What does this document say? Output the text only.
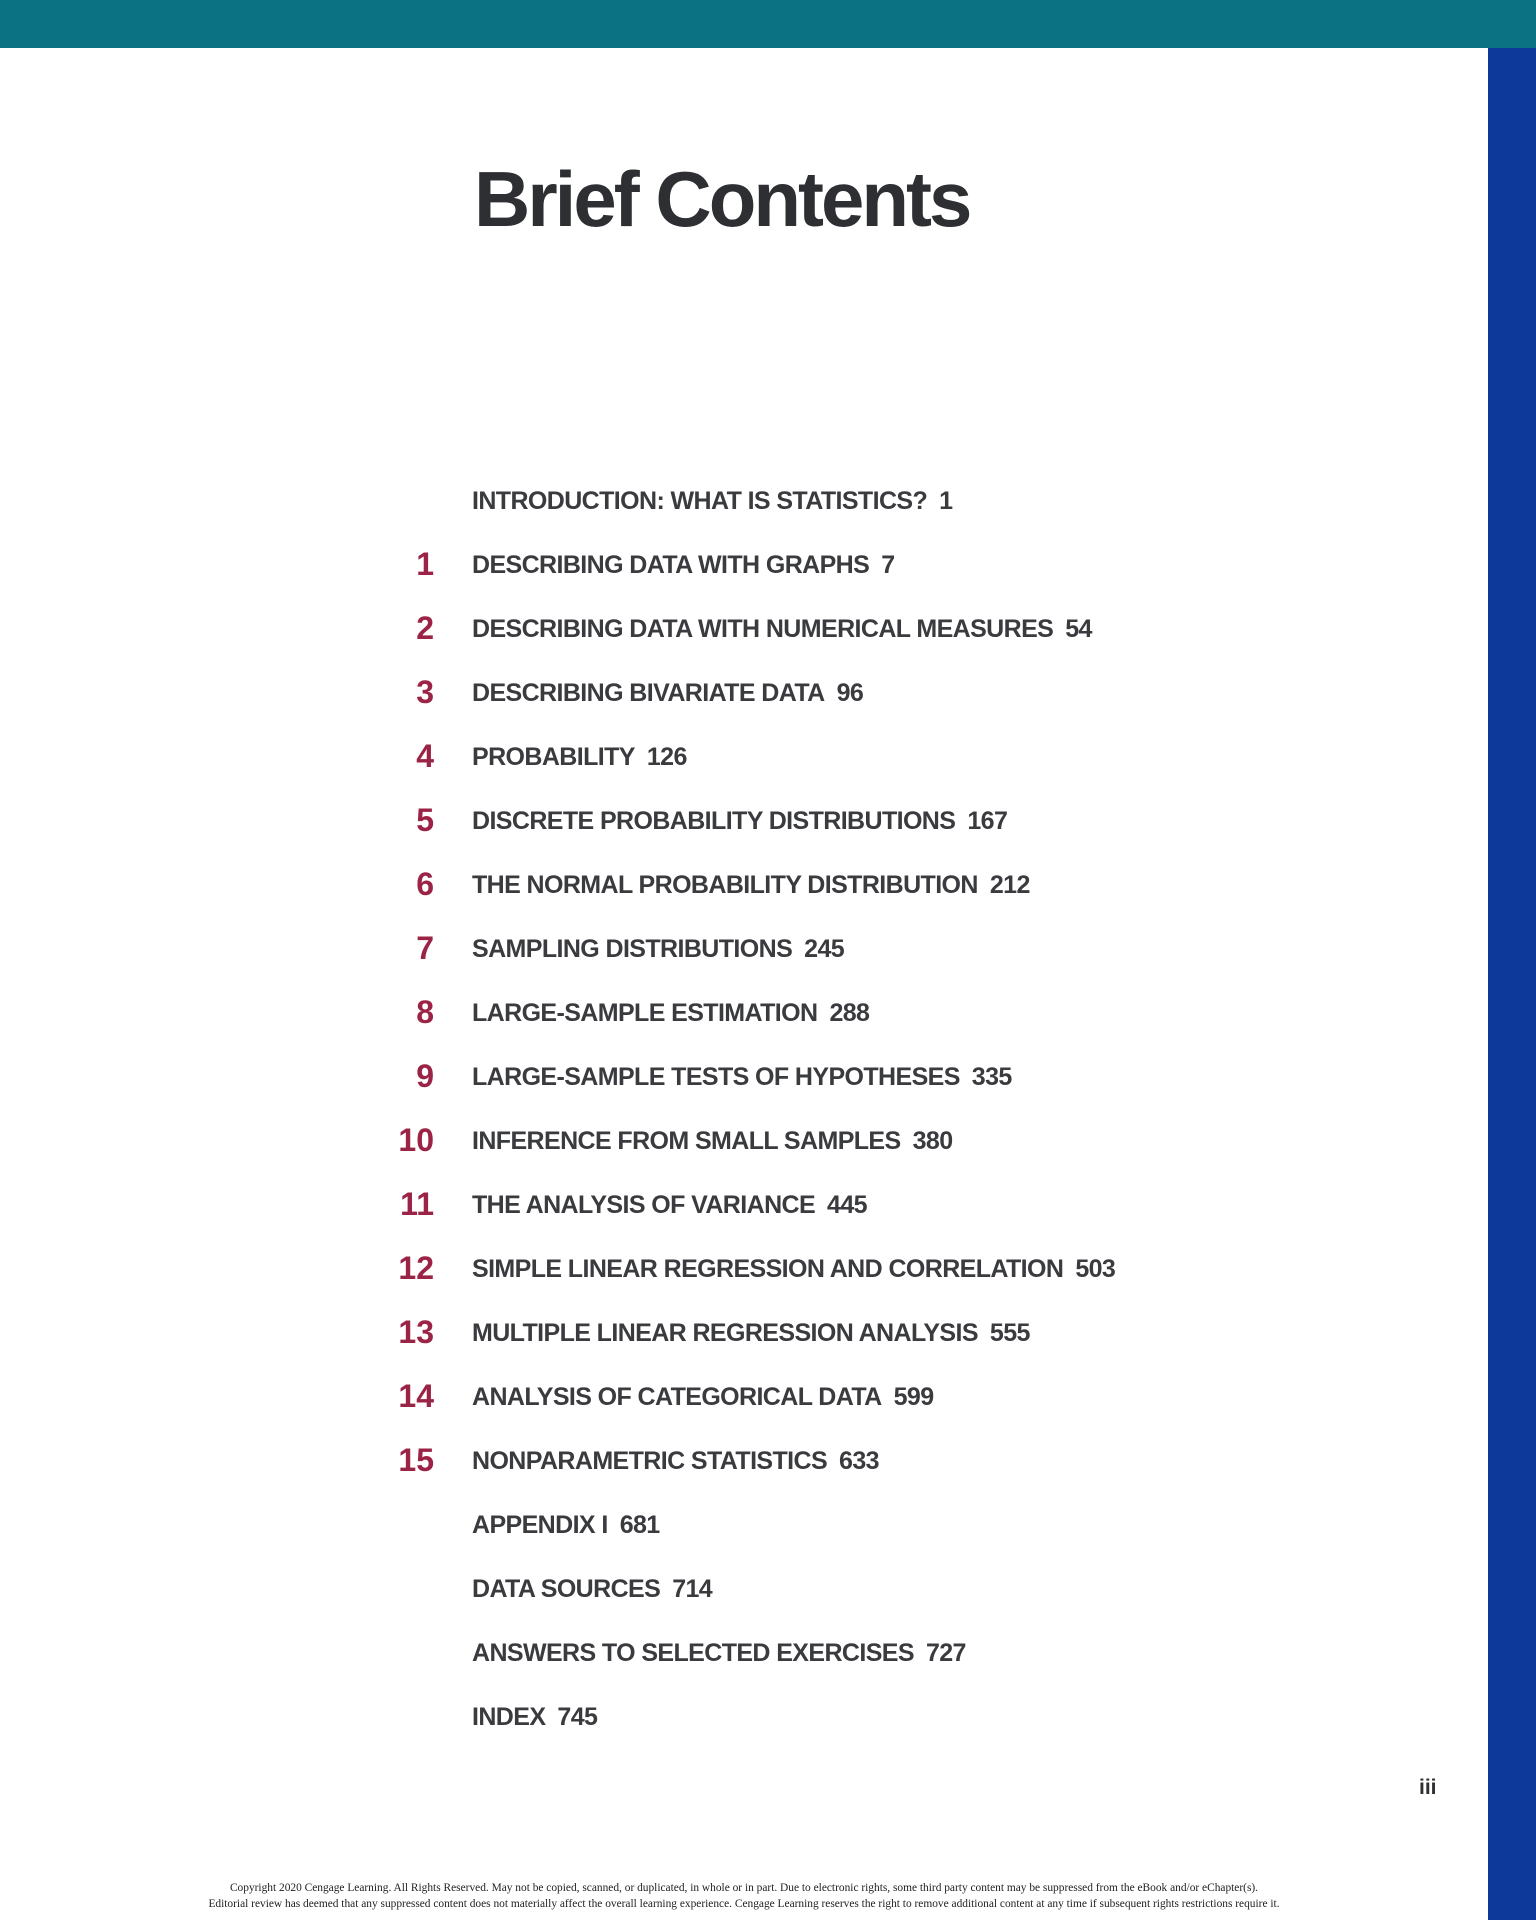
Brief Contents
INTRODUCTION: WHAT IS STATISTICS? 1
1 DESCRIBING DATA WITH GRAPHS 7
2 DESCRIBING DATA WITH NUMERICAL MEASURES 54
3 DESCRIBING BIVARIATE DATA 96
4 PROBABILITY 126
5 DISCRETE PROBABILITY DISTRIBUTIONS 167
6 THE NORMAL PROBABILITY DISTRIBUTION 212
7 SAMPLING DISTRIBUTIONS 245
8 LARGE-SAMPLE ESTIMATION 288
9 LARGE-SAMPLE TESTS OF HYPOTHESES 335
10 INFERENCE FROM SMALL SAMPLES 380
11 THE ANALYSIS OF VARIANCE 445
12 SIMPLE LINEAR REGRESSION AND CORRELATION 503
13 MULTIPLE LINEAR REGRESSION ANALYSIS 555
14 ANALYSIS OF CATEGORICAL DATA 599
15 NONPARAMETRIC STATISTICS 633
APPENDIX I 681
DATA SOURCES 714
ANSWERS TO SELECTED EXERCISES 727
INDEX 745
iii
Copyright 2020 Cengage Learning. All Rights Reserved. May not be copied, scanned, or duplicated, in whole or in part. Due to electronic rights, some third party content may be suppressed from the eBook and/or eChapter(s).
Editorial review has deemed that any suppressed content does not materially affect the overall learning experience. Cengage Learning reserves the right to remove additional content at any time if subsequent rights restrictions require it.
